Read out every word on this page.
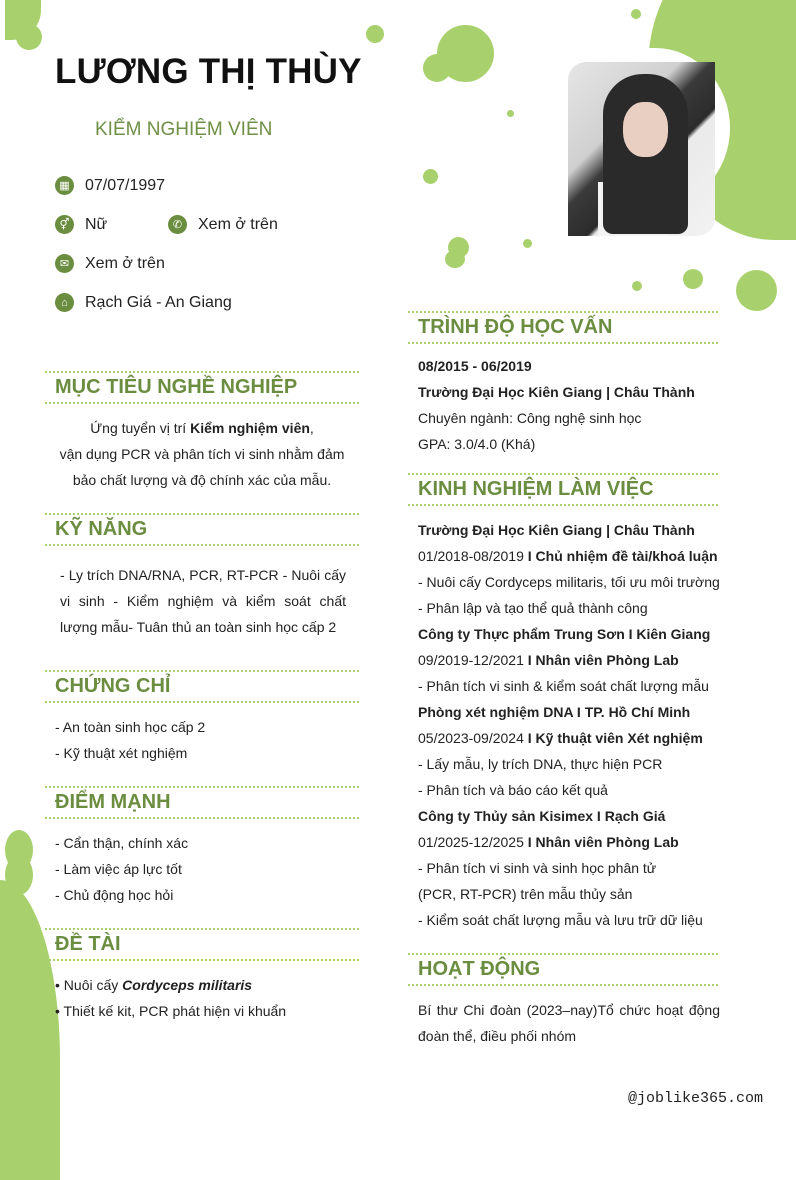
LƯƠNG THỊ THÙY
KIỂM NGHIỆM VIÊN
▦ 07/07/1997
⚥ Nữ	✆ Xem ở trên
✉ Xem ở trên
⌂	Rạch Giá - An Giang
MỤC TIÊU NGHỀ NGHIỆP
Ứng tuyển vị trí Kiểm nghiệm viên,
vận dụng PCR và phân tích vi sinh nhằm đảm
bảo chất lượng và độ chính xác của mẫu.
KỸ NĂNG
- Ly trích DNA/RNA, PCR, RT-PCR - Nuôi cấy vi sinh - Kiểm nghiệm và kiểm soát chất lượng mẫu- Tuân thủ an toàn sinh học cấp 2
CHỨNG CHỈ
- An toàn sinh học cấp 2
- Kỹ thuật xét nghiệm
ĐIỂM MẠNH
- Cẩn thận, chính xác
- Làm việc áp lực tốt
- Chủ động học hỏi
ĐỀ TÀI
• Nuôi cấy Cordyceps militaris
• Thiết kế kit, PCR phát hiện vi khuẩn
TRÌNH ĐỘ HỌC VẤN
08/2015 - 06/2019
Trường Đại Học Kiên Giang | Châu Thành
Chuyên ngành: Công nghệ sinh học
GPA: 3.0/4.0 (Khá)
KINH NGHIỆM LÀM VIỆC
Trường Đại Học Kiên Giang | Châu Thành
01/2018-08/2019 I Chủ nhiệm đề tài/khoá luận
- Nuôi cấy Cordyceps militaris, tối ưu môi trường
- Phân lập và tạo thể quả thành công
Công ty Thực phẩm Trung Sơn I Kiên Giang
09/2019-12/2021 I Nhân viên Phòng Lab
- Phân tích vi sinh & kiểm soát chất lượng mẫu
Phòng xét nghiệm DNA I TP. Hồ Chí Minh
05/2023-09/2024 I Kỹ thuật viên Xét nghiệm
- Lấy mẫu, ly trích DNA, thực hiện PCR
- Phân tích và báo cáo kết quả
Công ty Thủy sản Kisimex I Rạch Giá
01/2025-12/2025 I Nhân viên Phòng Lab
- Phân tích vi sinh và sinh học phân tử
(PCR, RT-PCR) trên mẫu thủy sản
- Kiểm soát chất lượng mẫu và lưu trữ dữ liệu
HOẠT ĐỘNG
Bí thư Chi đoàn (2023–nay)Tổ chức hoạt động đoàn thể, điều phối nhóm
@joblike365.com
